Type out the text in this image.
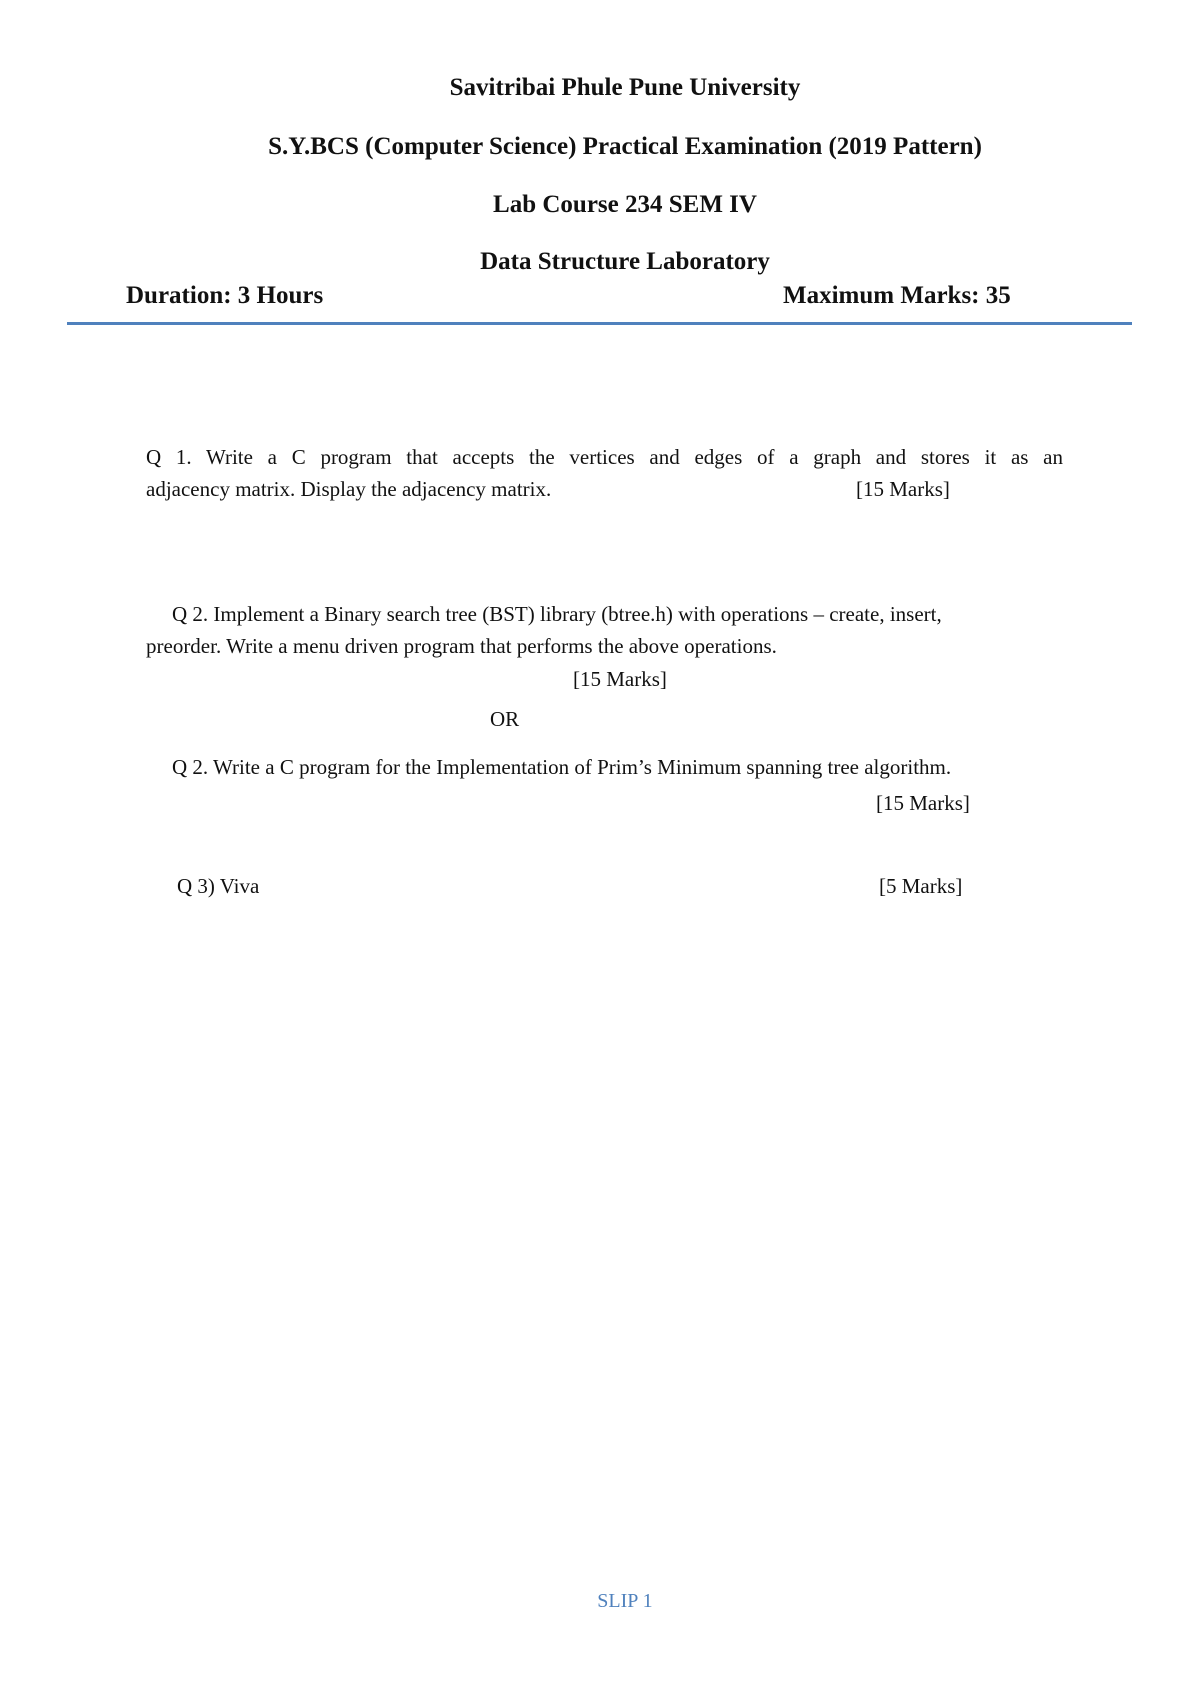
Savitribai Phule Pune University
S.Y.BCS (Computer Science) Practical Examination (2019 Pattern)
Lab Course 234 SEM IV
Data Structure Laboratory
Duration: 3 Hours	Maximum Marks: 35
Q 1. Write a C program that accepts the vertices and edges of a graph and stores it as an
adjacency matrix. Display the adjacency matrix.	[15 Marks]
Q 2. Implement a Binary search tree (BST) library (btree.h) with operations – create, insert,
preorder. Write a menu driven program that performs the above operations.
[15 Marks]
OR
Q 2. Write a C program for the Implementation of Prim’s Minimum spanning tree algorithm.
[15 Marks]
Q 3) Viva	[5 Marks]
SLIP 1
